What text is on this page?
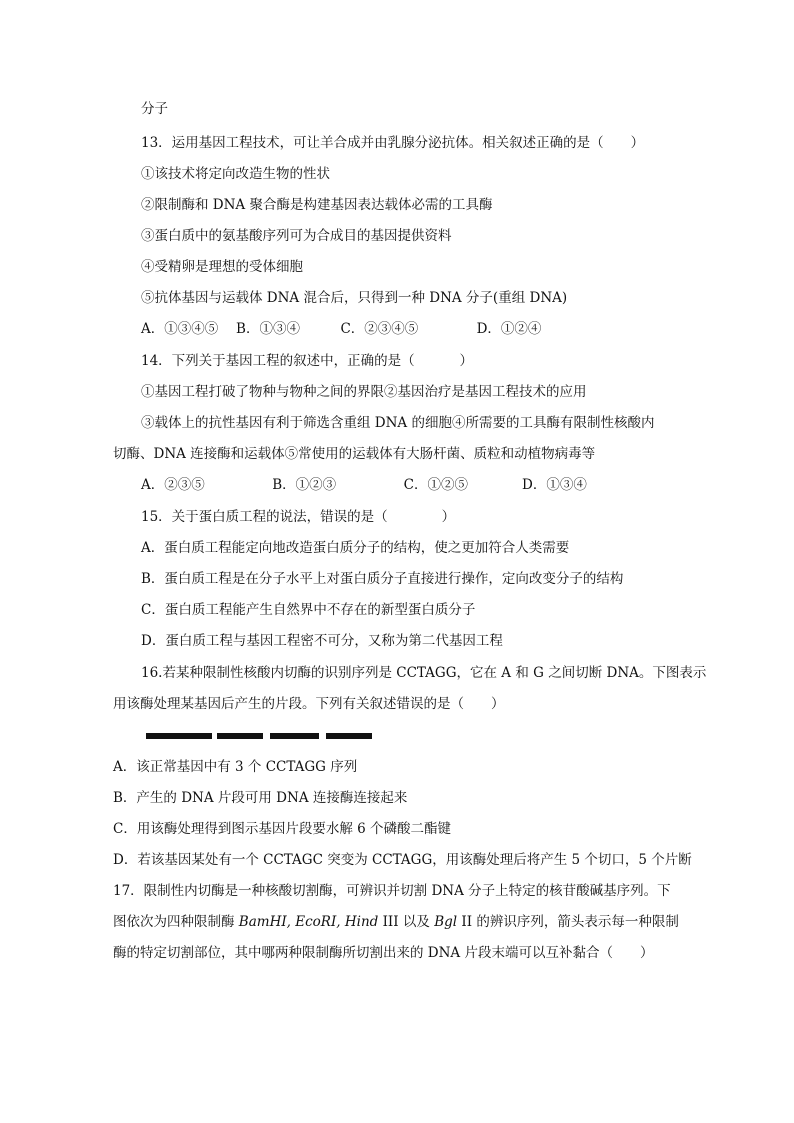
分子
13．运用基因工程技术，可让羊合成并由乳腺分泌抗体。相关叙述正确的是（　　）
①该技术将定向改造生物的性状
②限制酶和 DNA 聚合酶是构建基因表达载体必需的工具酶
③蛋白质中的氨基酸序列可为合成目的基因提供资料
④受精卵是理想的受体细胞
⑤抗体基因与运载体 DNA 混合后，只得到一种 DNA 分子(重组 DNA)
A．①③④⑤　 B．①③④　　　C．②③④⑤　　　　 D．①②④
14．下列关于基因工程的叙述中，正确的是（　　　 ）
①基因工程打破了物种与物种之间的界限②基因治疗是基因工程技术的应用
③载体上的抗性基因有利于筛选含重组 DNA 的细胞④所需要的工具酶有限制性核酸内
切酶、DNA 连接酶和运载体⑤常使用的运载体有大肠杆菌、质粒和动植物病毒等
A．②③⑤　　　　　B．①②③　　　　　C．①②⑤　　　　D．①③④
15．关于蛋白质工程的说法，错误的是（　　　　）
A．蛋白质工程能定向地改造蛋白质分子的结构，使之更加符合人类需要
B．蛋白质工程是在分子水平上对蛋白质分子直接进行操作，定向改变分子的结构
C．蛋白质工程能产生自然界中不存在的新型蛋白质分子
D．蛋白质工程与基因工程密不可分，又称为第二代基因工程
16.若某种限制性核酸内切酶的识别序列是 CCTAGG，它在 A 和 G 之间切断 DNA。下图表示
用该酶处理某基因后产生的片段。下列有关叙述错误的是（　　）
A．该正常基因中有 3 个 CCTAGG 序列
B．产生的 DNA 片段可用 DNA 连接酶连接起来
C．用该酶处理得到图示基因片段要水解 6 个磷酸二酯键
D．若该基因某处有一个 CCTAGC 突变为 CCTAGG，用该酶处理后将产生 5 个切口，5 个片断
17．限制性内切酶是一种核酸切割酶，可辨识并切割 DNA 分子上特定的核苷酸碱基序列。下
图依次为四种限制酶 BamHI, EcoRI, Hind III 以及 Bgl II 的辨识序列，箭头表示每一种限制
酶的特定切割部位，其中哪两种限制酶所切割出来的 DNA 片段末端可以互补黏合（　　）
